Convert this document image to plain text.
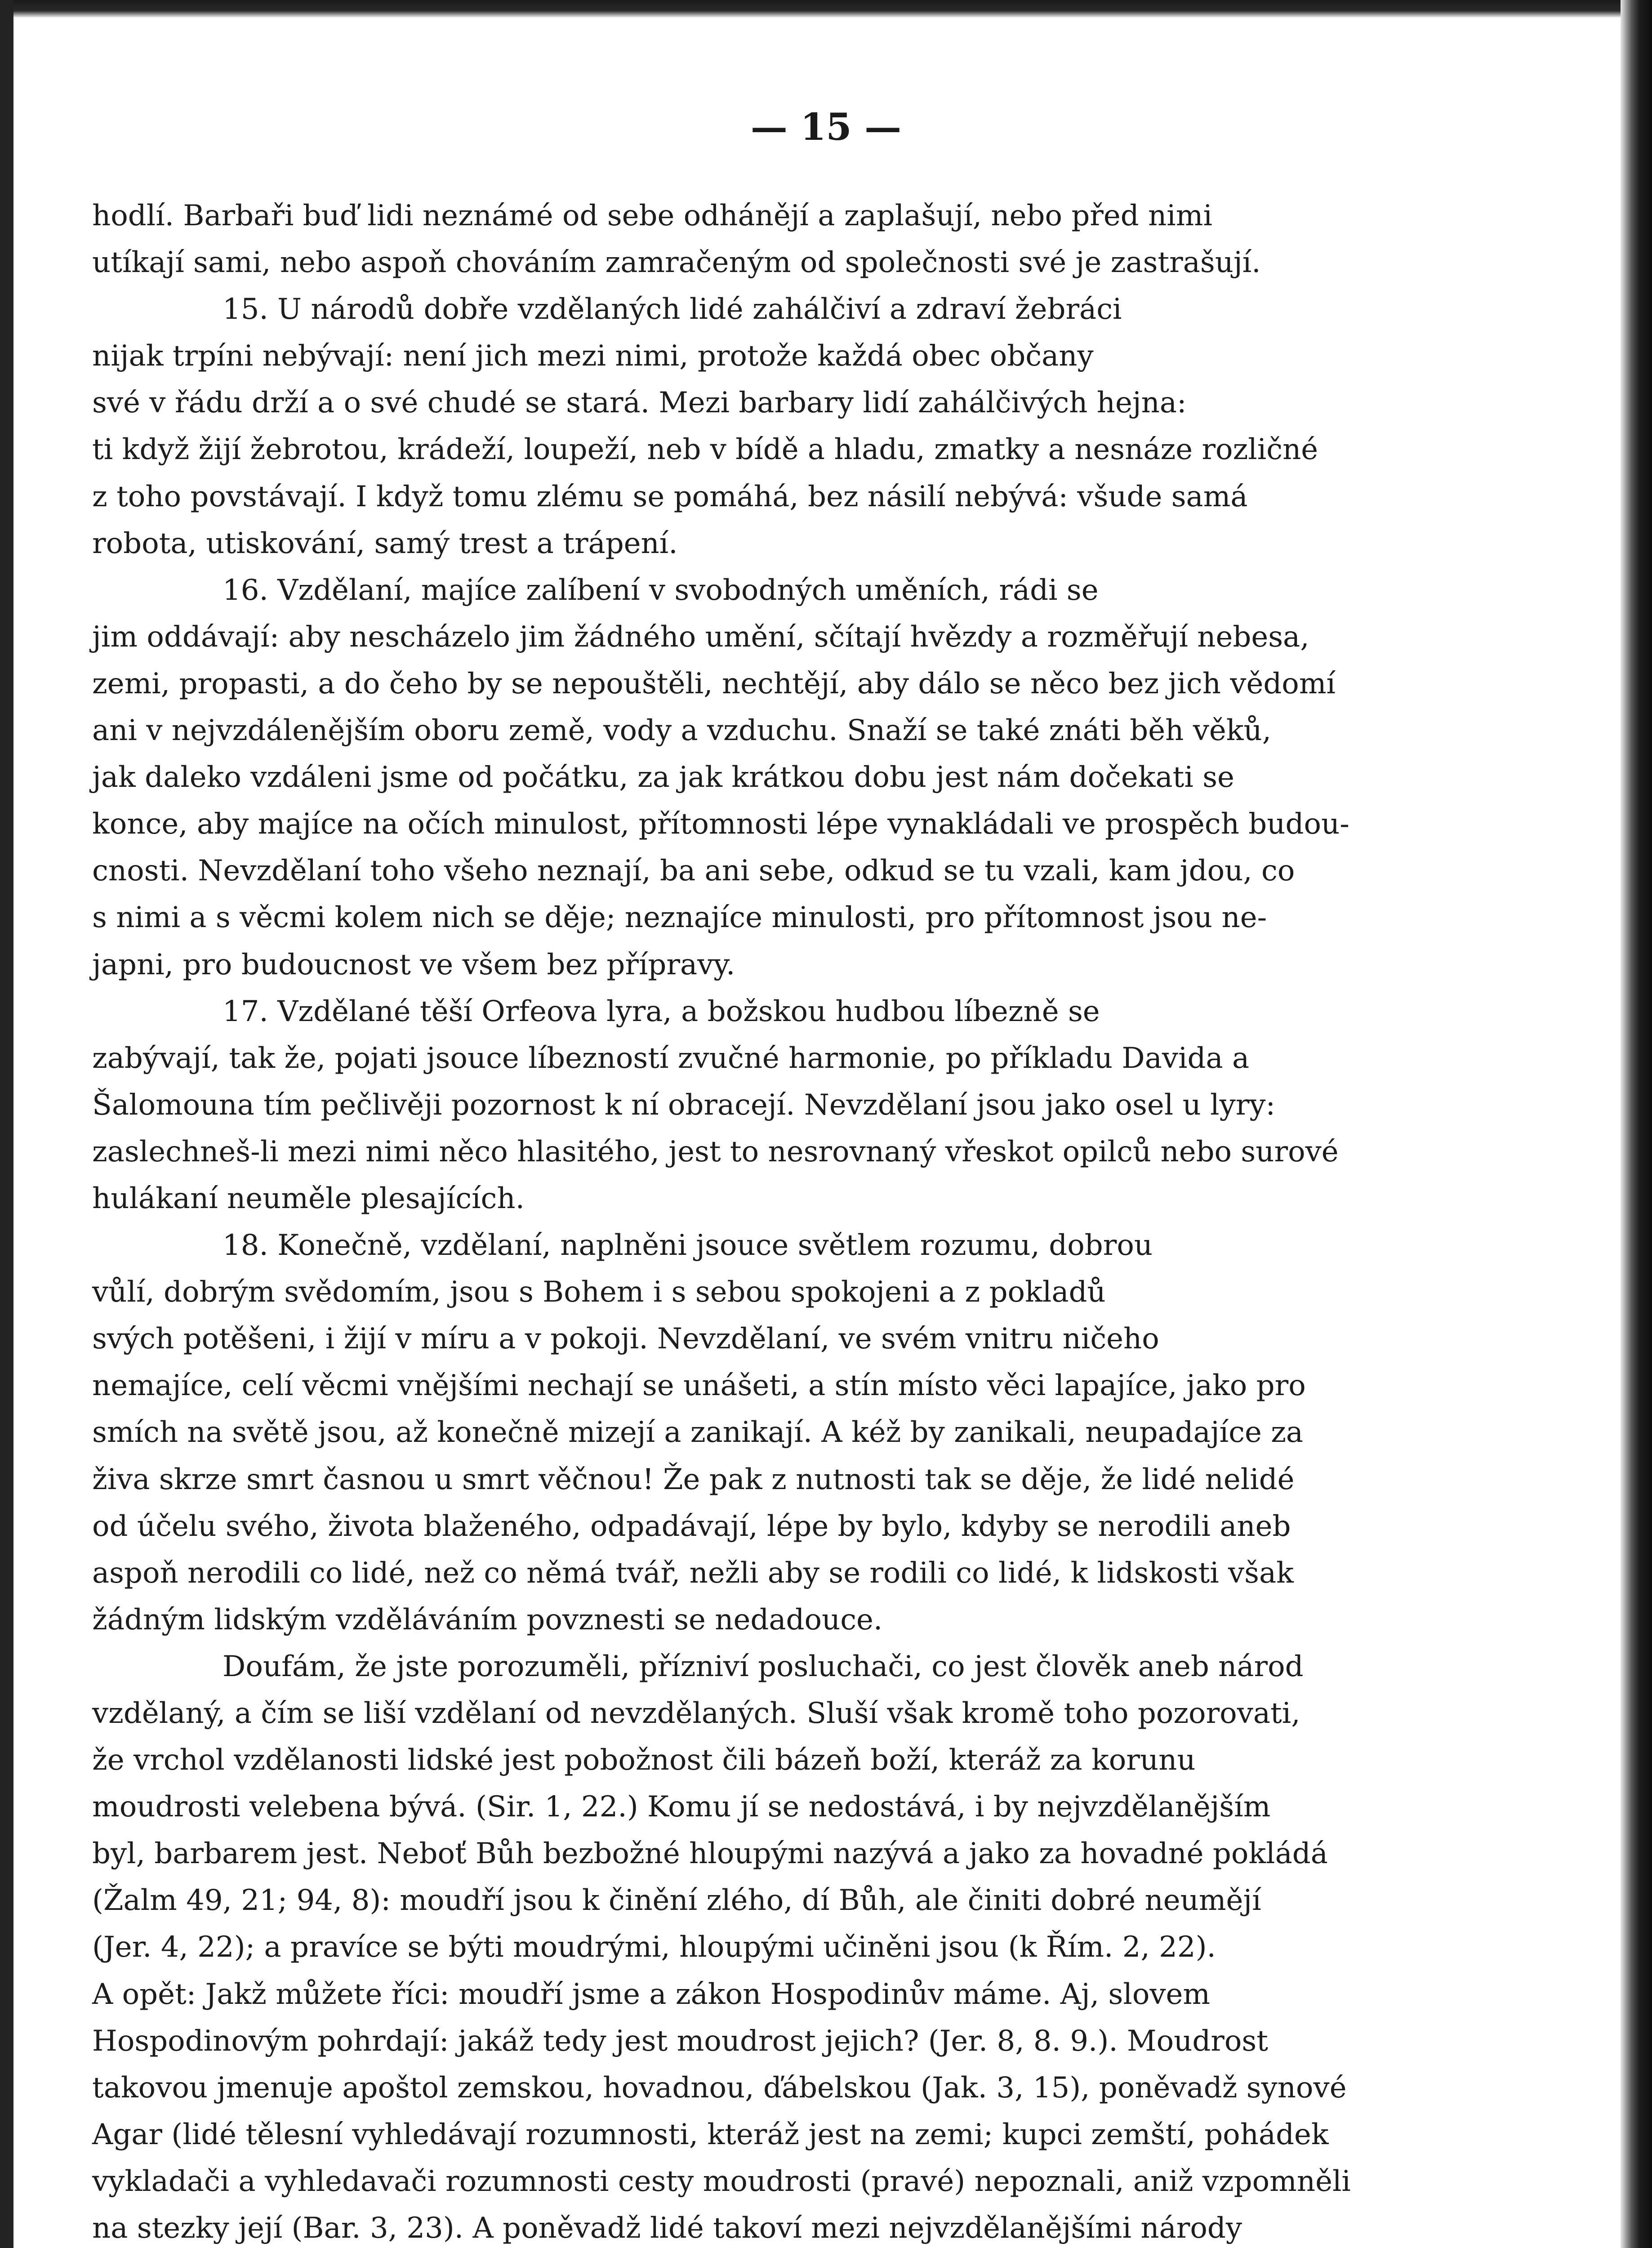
— 15 —
hodlí. Barbaři buď lidi neznámé od sebe odhánějí a zaplašují, nebo před nimi
utíkají sami, nebo aspoň chováním zamračeným od společnosti své je zastrašují.
15. U národů dobře vzdělaných lidé zahálčiví a zdraví žebráci
nijak trpíni nebývají: není jich mezi nimi, protože každá obec občany
své v řádu drží a o své chudé se stará. Mezi barbary lidí zahálčivých hejna:
ti když žijí žebrotou, krádeží, loupeží, neb v bídě a hladu, zmatky a nesnáze rozličné
z toho povstávají. I když tomu zlému se pomáhá, bez násilí nebývá: všude samá
robota, utiskování, samý trest a trápení.
16. Vzdělaní, majíce zalíbení v svobodných uměních, rádi se
jim oddávají: aby nescházelo jim žádného umění, sčítají hvězdy a rozměřují nebesa,
zemi, propasti, a do čeho by se nepouštěli, nechtějí, aby dálo se něco bez jich vědomí
ani v nejvzdálenějším oboru země, vody a vzduchu. Snaží se také znáti běh věků,
jak daleko vzdáleni jsme od počátku, za jak krátkou dobu jest nám dočekati se
konce, aby majíce na očích minulost, přítomnosti lépe vynakládali ve prospěch budou-
cnosti. Nevzdělaní toho všeho neznají, ba ani sebe, odkud se tu vzali, kam jdou, co
s nimi a s věcmi kolem nich se děje; neznajíce minulosti, pro přítomnost jsou ne-
japni, pro budoucnost ve všem bez přípravy.
17. Vzdělané těší Orfeova lyra, a božskou hudbou líbezně se
zabývají, tak že, pojati jsouce líbezností zvučné harmonie, po příkladu Davida a
Šalomouna tím pečlivěji pozornost k ní obracejí. Nevzdělaní jsou jako osel u lyry:
zaslechneš-li mezi nimi něco hlasitého, jest to nesrovnaný vřeskot opilců nebo surové
hulákaní neuměle plesajících.
18. Konečně, vzdělaní, naplněni jsouce světlem rozumu, dobrou
vůlí, dobrým svědomím, jsou s Bohem i s sebou spokojeni a z pokladů
svých potěšeni, i žijí v míru a v pokoji. Nevzdělaní, ve svém vnitru ničeho
nemajíce, celí věcmi vnějšími nechají se unášeti, a stín místo věci lapajíce, jako pro
smích na světě jsou, až konečně mizejí a zanikají. A kéž by zanikali, neupadajíce za
živa skrze smrt časnou u smrt věčnou! Že pak z nutnosti tak se děje, že lidé nelidé
od účelu svého, života blaženého, odpadávají, lépe by bylo, kdyby se nerodili aneb
aspoň nerodili co lidé, než co němá tvář, nežli aby se rodili co lidé, k lidskosti však
žádným lidským vzděláváním povznesti se nedadouce.
Doufám, že jste porozuměli, přízniví posluchači, co jest člověk aneb národ
vzdělaný, a čím se liší vzdělaní od nevzdělaných. Sluší však kromě toho pozorovati,
že vrchol vzdělanosti lidské jest pobožnost čili bázeň boží, kteráž za korunu
moudrosti velebena bývá. (Sir. 1, 22.) Komu jí se nedostává, i by nejvzdělanějším
byl, barbarem jest. Neboť Bůh bezbožné hloupými nazývá a jako za hovadné pokládá
(Žalm 49, 21; 94, 8): moudří jsou k činění zlého, dí Bůh, ale činiti dobré neumějí
(Jer. 4, 22); a pravíce se býti moudrými, hloupými učiněni jsou (k Řím. 2, 22).
A opět: Jakž můžete říci: moudří jsme a zákon Hospodinův máme. Aj, slovem
Hospodinovým pohrdají: jakáž tedy jest moudrost jejich? (Jer. 8, 8. 9.). Moudrost
takovou jmenuje apoštol zemskou, hovadnou, ďábelskou (Jak. 3, 15), poněvadž synové
Agar (lidé tělesní vyhledávají rozumnosti, kteráž jest na zemi; kupci zemští, pohádek
vykladači a vyhledavači rozumnosti cesty moudrosti (pravé) nepoznali, aniž vzpomněli
na stezky její (Bar. 3, 23). A poněvadž lidé takoví mezi nejvzdělanějšími národy
